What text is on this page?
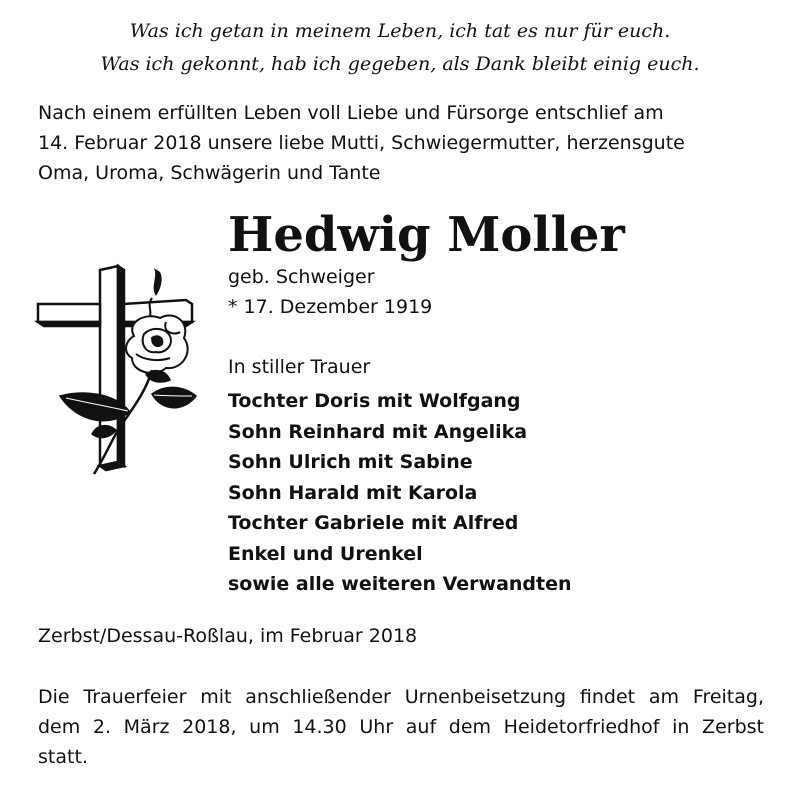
Was ich getan in meinem Leben, ich tat es nur für euch.
Was ich gekonnt, hab ich gegeben, als Dank bleibt einig euch.
Nach einem erfüllten Leben voll Liebe und Fürsorge entschlief am
14. Februar 2018 unsere liebe Mutti, Schwiegermutter, herzensgute
Oma, Uroma, Schwägerin und Tante
Hedwig Moller
geb. Schweiger
* 17. Dezember 1919
In stiller Trauer
Tochter Doris mit Wolfgang
Sohn Reinhard mit Angelika
Sohn Ulrich mit Sabine
Sohn Harald mit Karola
Tochter Gabriele mit Alfred
Enkel und Urenkel
sowie alle weiteren Verwandten
Zerbst/Dessau-Roßlau, im Februar 2018
Die Trauerfeier mit anschließender Urnenbeisetzung findet am Freitag,
dem 2. März 2018, um 14.30 Uhr auf dem Heidetorfriedhof in Zerbst
statt.
